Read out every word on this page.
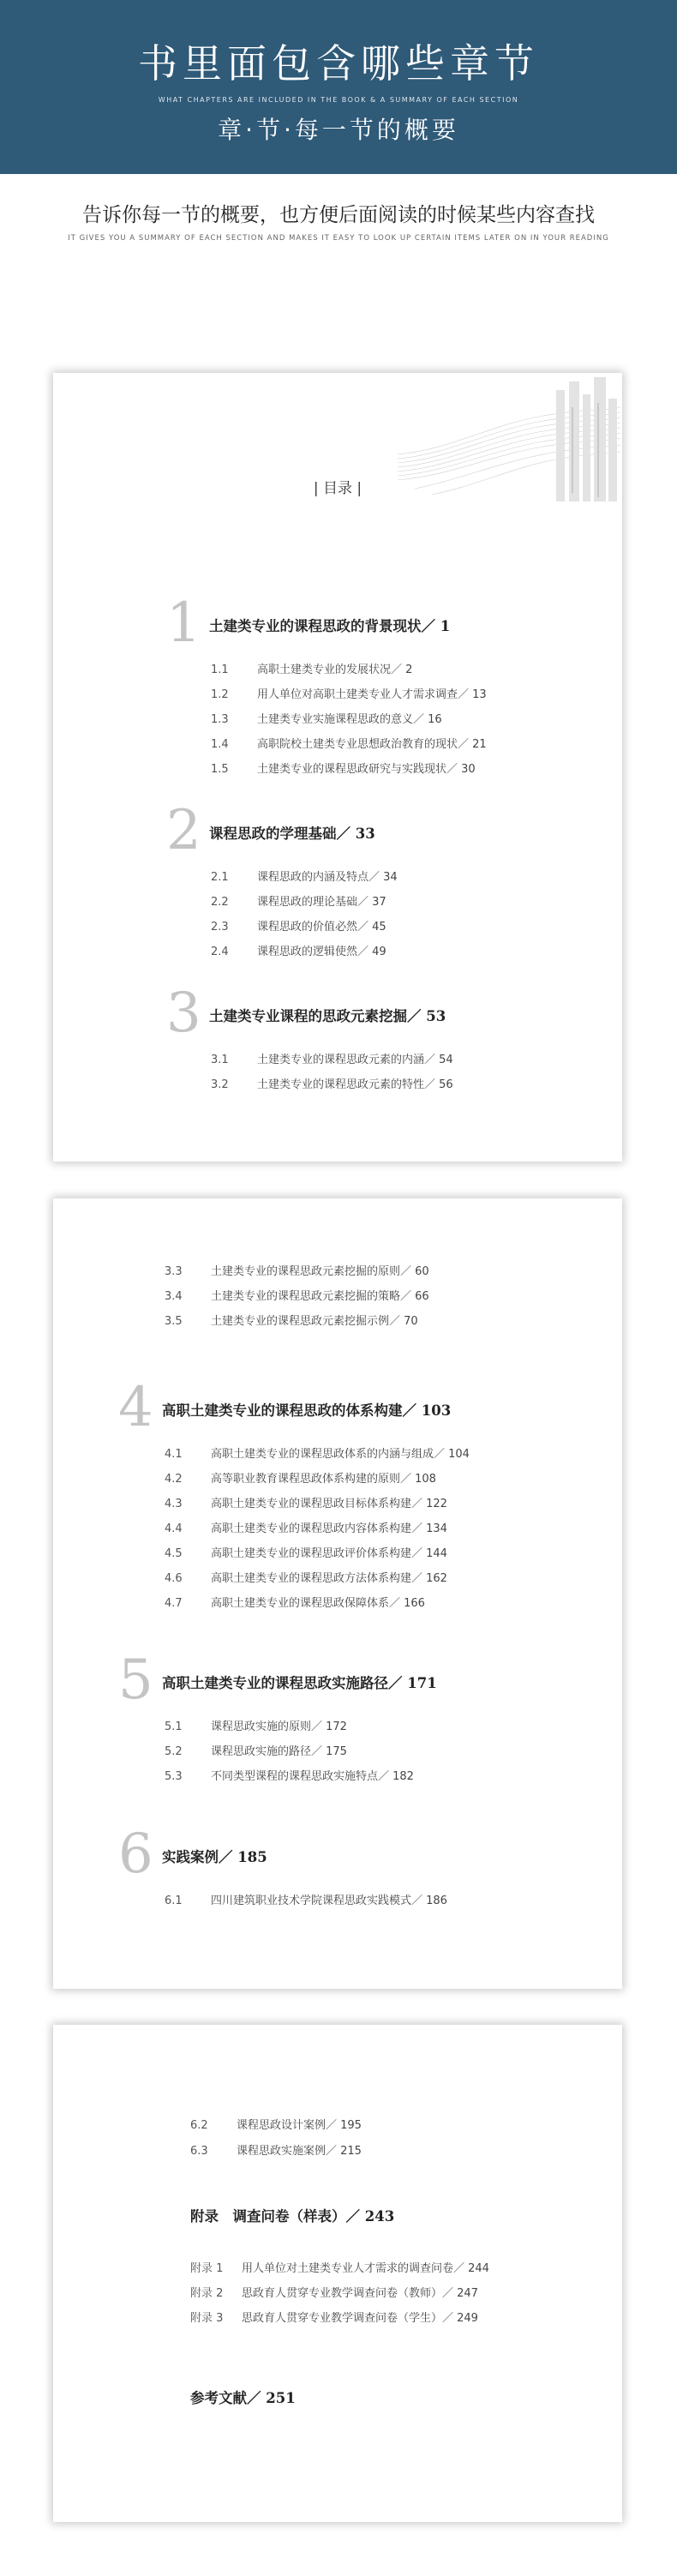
书里面包含哪些章节
WHAT CHAPTERS ARE INCLUDED IN THE BOOK & A SUMMARY OF EACH SECTION
章·节·每一节的概要
告诉你每一节的概要，也方便后面阅读的时候某些内容查找
IT GIVES YOU A SUMMARY OF EACH SECTION AND MAKES IT EASY TO LOOK UP CERTAIN ITEMS LATER ON IN YOUR READING
| 目录 |
1 土建类专业的课程思政的背景现状／ 1
1.1	高职土建类专业的发展状况／ 2
1.2	用人单位对高职土建类专业人才需求调查／ 13
1.3	土建类专业实施课程思政的意义／ 16
1.4	高职院校土建类专业思想政治教育的现状／ 21
1.5	土建类专业的课程思政研究与实践现状／ 30
2 课程思政的学理基础／ 33
2.1	课程思政的内涵及特点／ 34
2.2	课程思政的理论基础／ 37
2.3	课程思政的价值必然／ 45
2.4	课程思政的逻辑使然／ 49
3 土建类专业课程的思政元素挖掘／ 53
3.1	土建类专业的课程思政元素的内涵／ 54
3.2	土建类专业的课程思政元素的特性／ 56
3.3	土建类专业的课程思政元素挖掘的原则／ 60
3.4	土建类专业的课程思政元素挖掘的策略／ 66
3.5	土建类专业的课程思政元素挖掘示例／ 70
4 高职土建类专业的课程思政的体系构建／ 103
4.1	高职土建类专业的课程思政体系的内涵与组成／ 104
4.2	高等职业教育课程思政体系构建的原则／ 108
4.3	高职土建类专业的课程思政目标体系构建／ 122
4.4	高职土建类专业的课程思政内容体系构建／ 134
4.5	高职土建类专业的课程思政评价体系构建／ 144
4.6	高职土建类专业的课程思政方法体系构建／ 162
4.7	高职土建类专业的课程思政保障体系／ 166
5 高职土建类专业的课程思政实施路径／ 171
5.1	课程思政实施的原则／ 172
5.2	课程思政实施的路径／ 175
5.3	不同类型课程的课程思政实施特点／ 182
6 实践案例／ 185
6.1	四川建筑职业技术学院课程思政实践模式／ 186
6.2	课程思政设计案例／ 195
6.3	课程思政实施案例／ 215
附录　调查问卷（样表）／ 243
附录 1 用人单位对土建类专业人才需求的调查问卷／ 244
附录 2 思政育人贯穿专业教学调查问卷（教师）／ 247
附录 3 思政育人贯穿专业教学调查问卷（学生）／ 249
参考文献／ 251
